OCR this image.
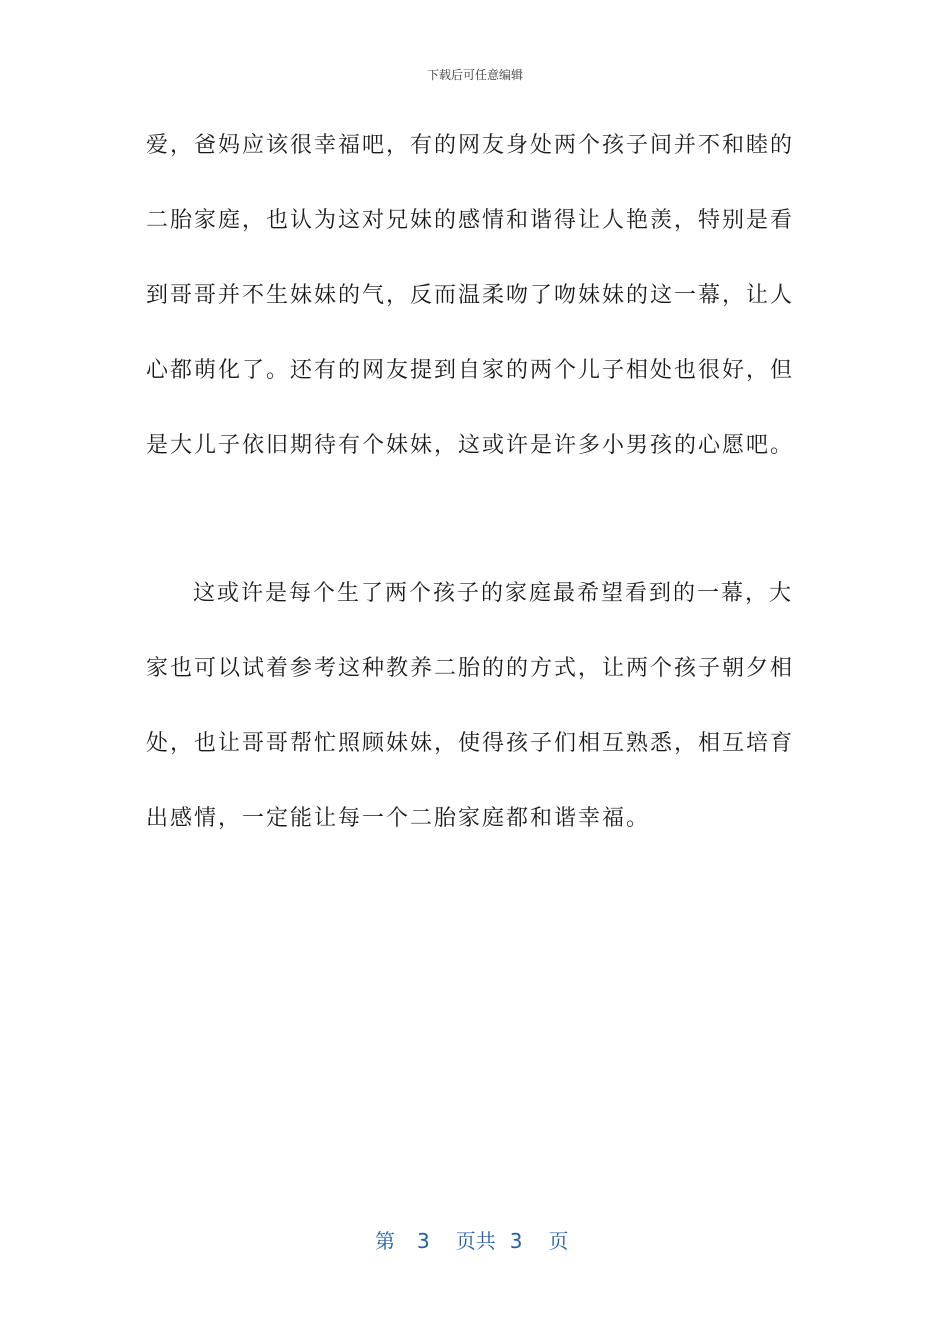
下载后可任意编辑
爱，爸妈应该很幸福吧，有的网友身处两个孩子间并不和睦的
二胎家庭，也认为这对兄妹的感情和谐得让人艳羡，特别是看
到哥哥并不生妹妹的气，反而温柔吻了吻妹妹的这一幕，让人
心都萌化了。还有的网友提到自家的两个儿子相处也很好，但
是大儿子依旧期待有个妹妹，这或许是许多小男孩的心愿吧。
这或许是每个生了两个孩子的家庭最希望看到的一幕，大
家也可以试着参考这种教养二胎的的方式，让两个孩子朝夕相
处，也让哥哥帮忙照顾妹妹，使得孩子们相互熟悉，相互培育
出感情，一定能让每一个二胎家庭都和谐幸福。
第 3 页共 3 页
